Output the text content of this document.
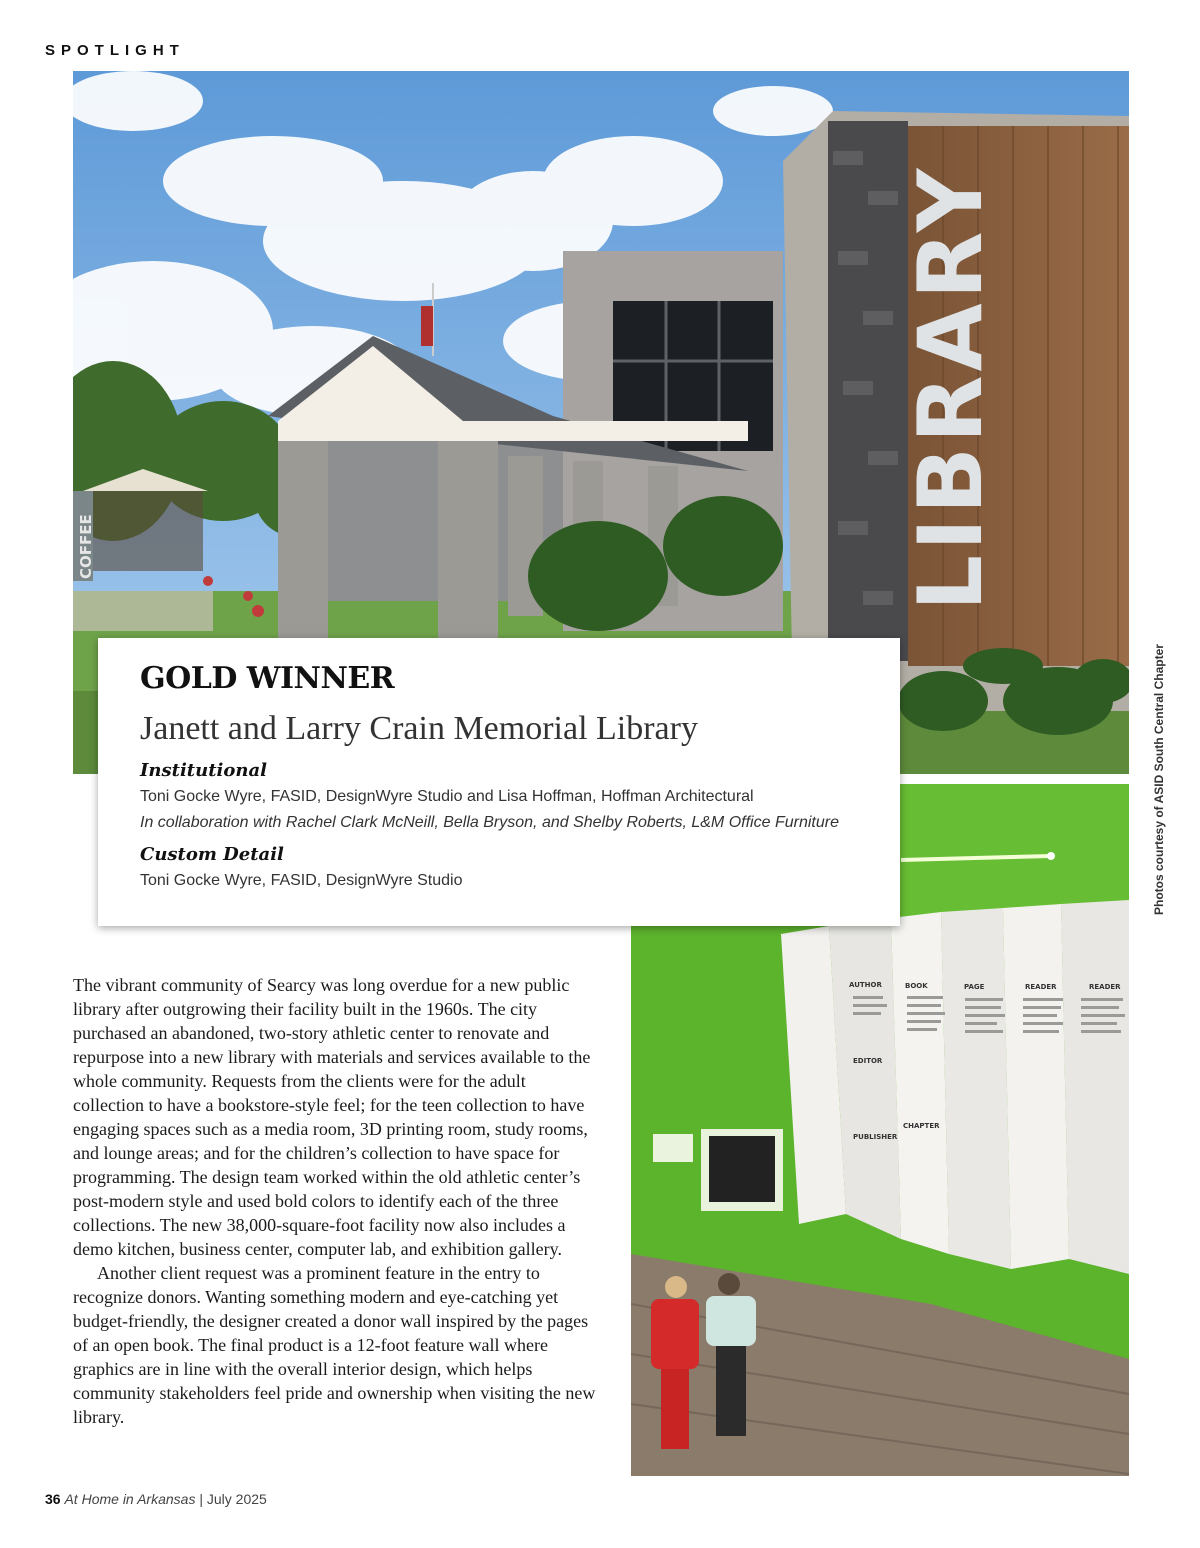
SPOTLIGHT
LIBRARY
COFFEE
AUTHOR	BOOK	PAGE	READER	READER
EDITOR
PUBLISHER
CHAPTER
Photos courtesy of ASID South Central Chapter
GOLD WINNER
Janett and Larry Crain Memorial Library
Institutional
Toni Gocke Wyre, FASID, DesignWyre Studio and Lisa Hoffman, Hoffman Architectural
In collaboration with Rachel Clark McNeill, Bella Bryson, and Shelby Roberts, L&M Office Furniture
Custom Detail
Toni Gocke Wyre, FASID, DesignWyre Studio

The vibrant community of Searcy was long overdue for a new public library after outgrowing their facility built in the 1960s. The city purchased an abandoned, two-story athletic center to renovate and repurpose into a new library with materials and services available to the whole community. Requests from the clients were for the adult collection to have a bookstore-style feel; for the teen collection to have engaging spaces such as a media room, 3D printing room, study rooms, and lounge areas; and for the children’s collection to have space for programming. The design team worked within the old athletic center’s post-modern style and used bold colors to identify each of the three collections. The new 38,000-square-foot facility now also includes a demo kitchen, business center, computer lab, and exhibition gallery.

Another client request was a prominent feature in the entry to recognize donors. Wanting something modern and eye-catching yet budget-friendly, the designer created a donor wall inspired by the pages of an open book. The final product is a 12-foot feature wall where graphics are in line with the overall interior design, which helps community stakeholders feel pride and ownership when visiting the new library.

36 At Home in Arkansas | July 2025
